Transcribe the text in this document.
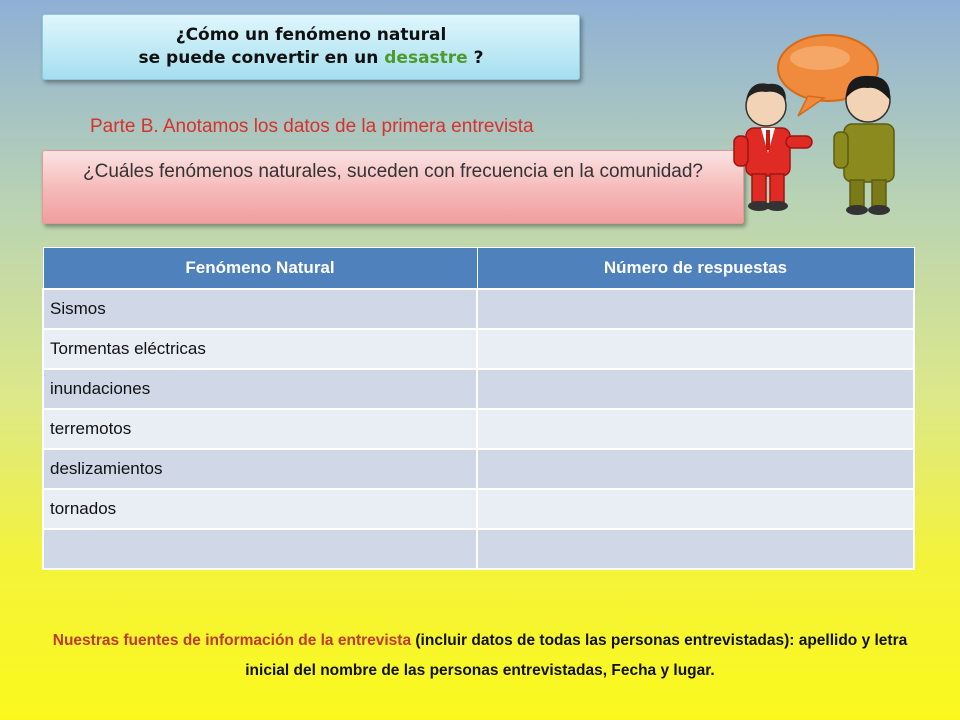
¿Cómo un fenómeno natural
se puede convertir en un desastre ?
Parte B. Anotamos los datos de la primera entrevista
¿Cuáles fenómenos naturales, suceden con frecuencia en la comunidad?
Fenómeno Natural	Número de respuestas
Sismos	
Tormentas eléctricas	
inundaciones	
terremotos	
deslizamientos	
tornados	

Nuestras fuentes de información de la entrevista (incluir datos de todas las personas entrevistadas): apellido y letra inicial del nombre de las personas entrevistadas, Fecha y lugar.
